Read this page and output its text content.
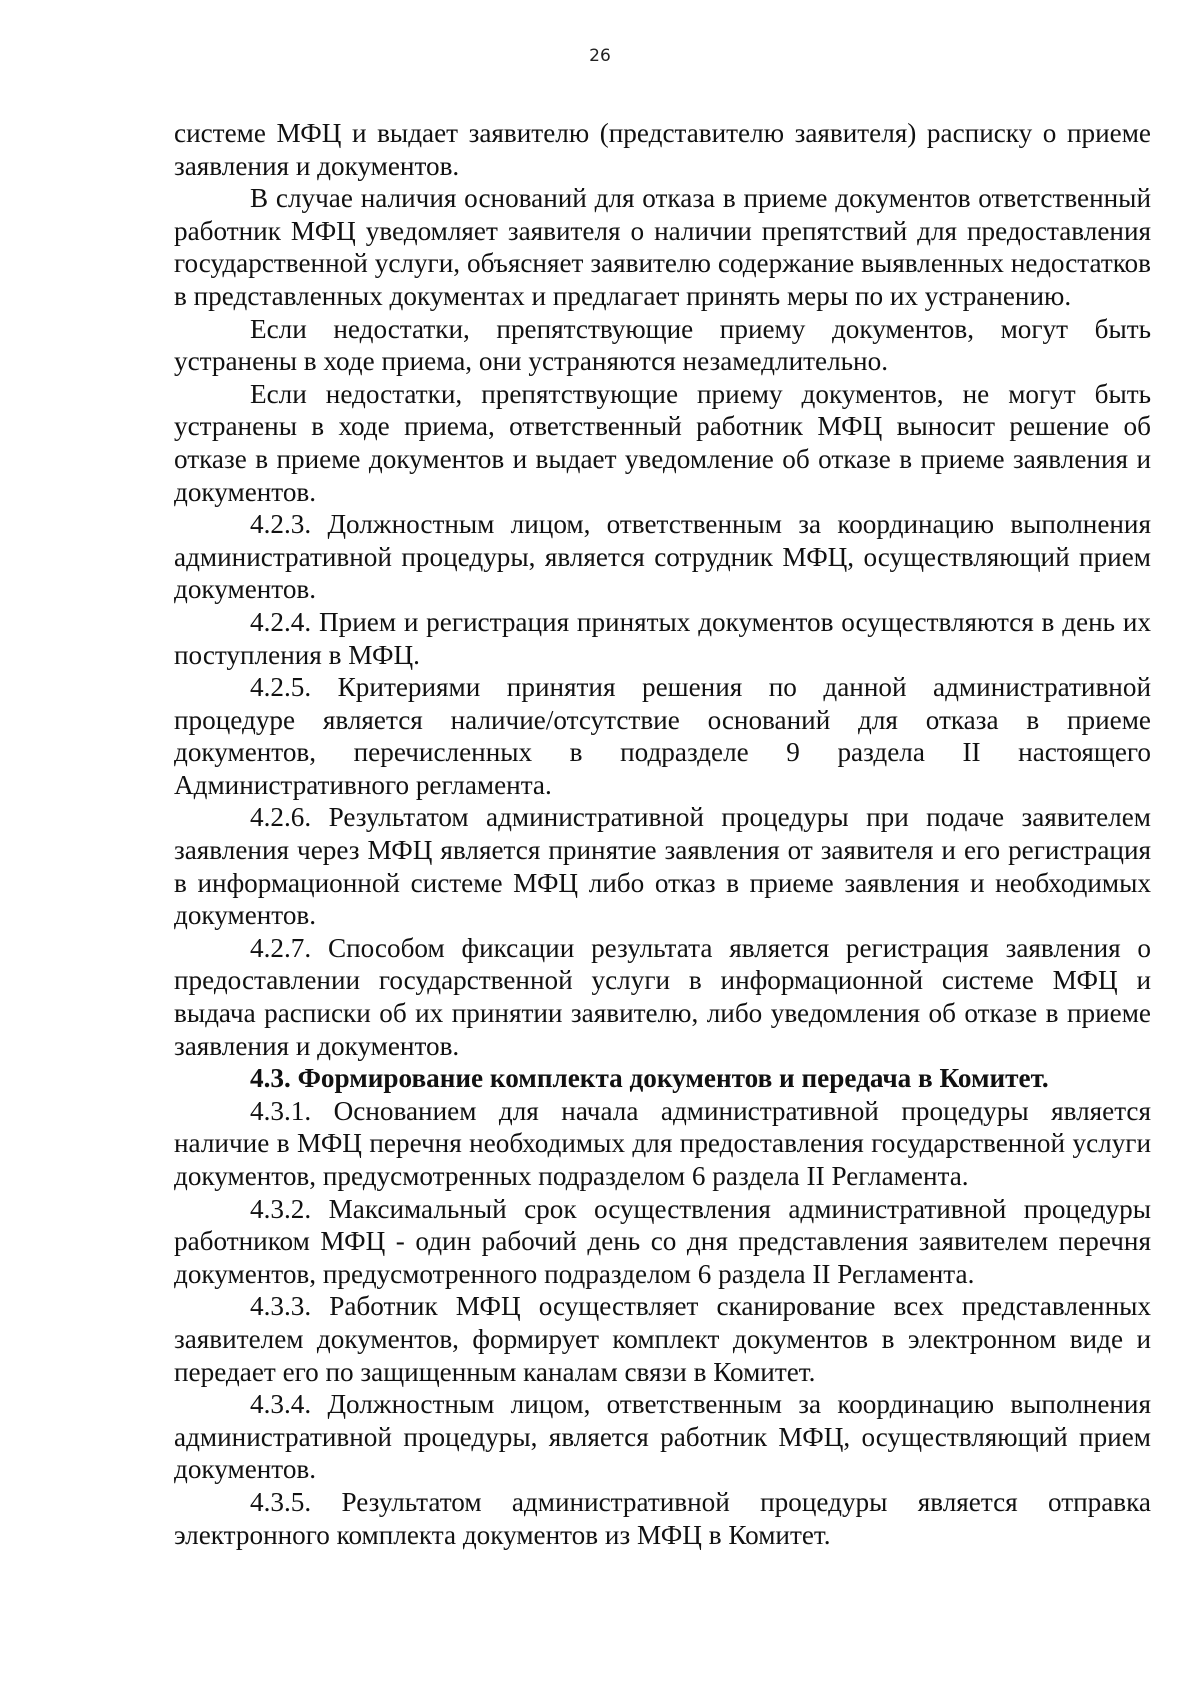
26

системе МФЦ и выдает заявителю (представителю заявителя) расписку о приеме заявления и документов.

В случае наличия оснований для отказа в приеме документов ответственный работник МФЦ уведомляет заявителя о наличии препятствий для предоставления государственной услуги, объясняет заявителю содержание выявленных недостатков в представленных документах и предлагает принять меры по их устранению.

Если недостатки, препятствующие приему документов, могут быть устранены в ходе приема, они устраняются незамедлительно.

Если недостатки, препятствующие приему документов, не могут быть устранены в ходе приема, ответственный работник МФЦ выносит решение об отказе в приеме документов и выдает уведомление об отказе в приеме заявления и документов.

4.2.3. Должностным лицом, ответственным за координацию выполнения административной процедуры, является сотрудник МФЦ, осуществляющий прием документов.

4.2.4. Прием и регистрация принятых документов осуществляются в день их поступления в МФЦ.

4.2.5. Критериями принятия решения по данной административной процедуре является наличие/отсутствие оснований для отказа в приеме документов, перечисленных в подразделе 9 раздела II настоящего Административного регламента.

4.2.6. Результатом административной процедуры при подаче заявителем заявления через МФЦ является принятие заявления от заявителя и его регистрация в информационной системе МФЦ либо отказ в приеме заявления и необходимых документов.

4.2.7. Способом фиксации результата является регистрация заявления о предоставлении государственной услуги в информационной системе МФЦ и выдача расписки об их принятии заявителю, либо уведомления об отказе в приеме заявления и документов.

4.3. Формирование комплекта документов и передача в Комитет.

4.3.1. Основанием для начала административной процедуры является наличие в МФЦ перечня необходимых для предоставления государственной услуги документов, предусмотренных подразделом 6 раздела II Регламента.

4.3.2. Максимальный срок осуществления административной процедуры работником МФЦ - один рабочий день со дня представления заявителем перечня документов, предусмотренного подразделом 6 раздела II Регламента.

4.3.3. Работник МФЦ осуществляет сканирование всех представленных заявителем документов, формирует комплект документов в электронном виде и передает его по защищенным каналам связи в Комитет.

4.3.4. Должностным лицом, ответственным за координацию выполнения административной процедуры, является работник МФЦ, осуществляющий прием документов.

4.3.5. Результатом административной процедуры является отправка электронного комплекта документов из МФЦ в Комитет.
